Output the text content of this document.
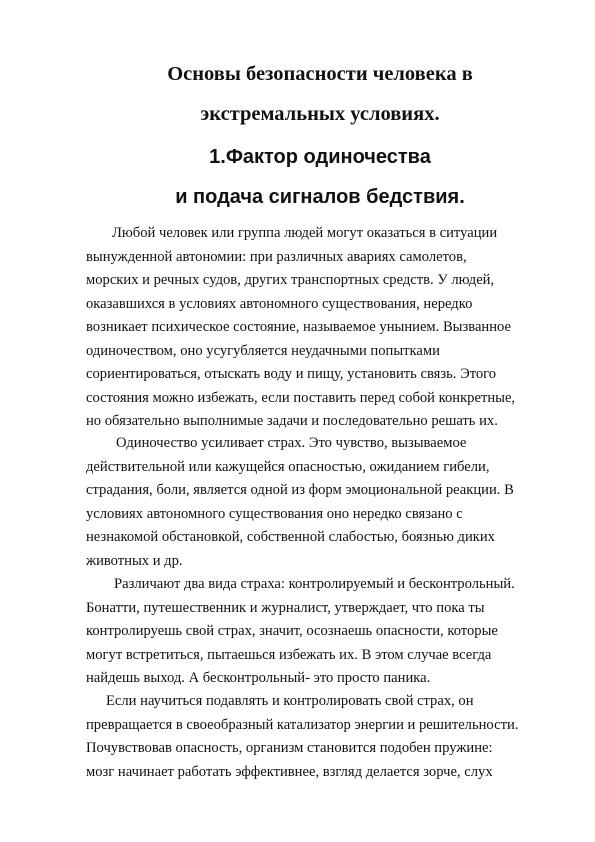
Основы безопасности человека в
экстремальных условиях.
1.Фактор одиночества
и подача сигналов бедствия.
Любой человек или группа людей могут оказаться в ситуации
вынужденной автономии: при различных авариях самолетов,
морских и речных судов, других транспортных средств. У людей,
оказавшихся в условиях автономного существования, нередко
возникает психическое состояние, называемое унынием. Вызванное
одиночеством, оно усугубляется неудачными попытками
сориентироваться, отыскать воду и пищу, установить связь. Этого
состояния можно избежать, если поставить перед собой конкретные,
но обязательно выполнимые задачи и последовательно решать их.
Одиночество усиливает страх. Это чувство, вызываемое
действительной или кажущейся опасностью, ожиданием гибели,
страдания, боли, является одной из форм эмоциональной реакции. В
условиях автономного существования оно нередко связано с
незнакомой обстановкой, собственной слабостью, боязнью диких
животных и др.
Различают два вида страха: контролируемый и бесконтрольный.
Бонатти, путешественник и журналист, утверждает, что пока ты
контролируешь свой страх, значит, осознаешь опасности, которые
могут встретиться, пытаешься избежать их. В этом случае всегда
найдешь выход. А бесконтрольный- это просто паника.
Если научиться подавлять и контролировать свой страх, он
превращается в своеобразный катализатор энергии и решительности.
Почувствовав опасность, организм становится подобен пружине:
мозг начинает работать эффективнее, взгляд делается зорче, слух
